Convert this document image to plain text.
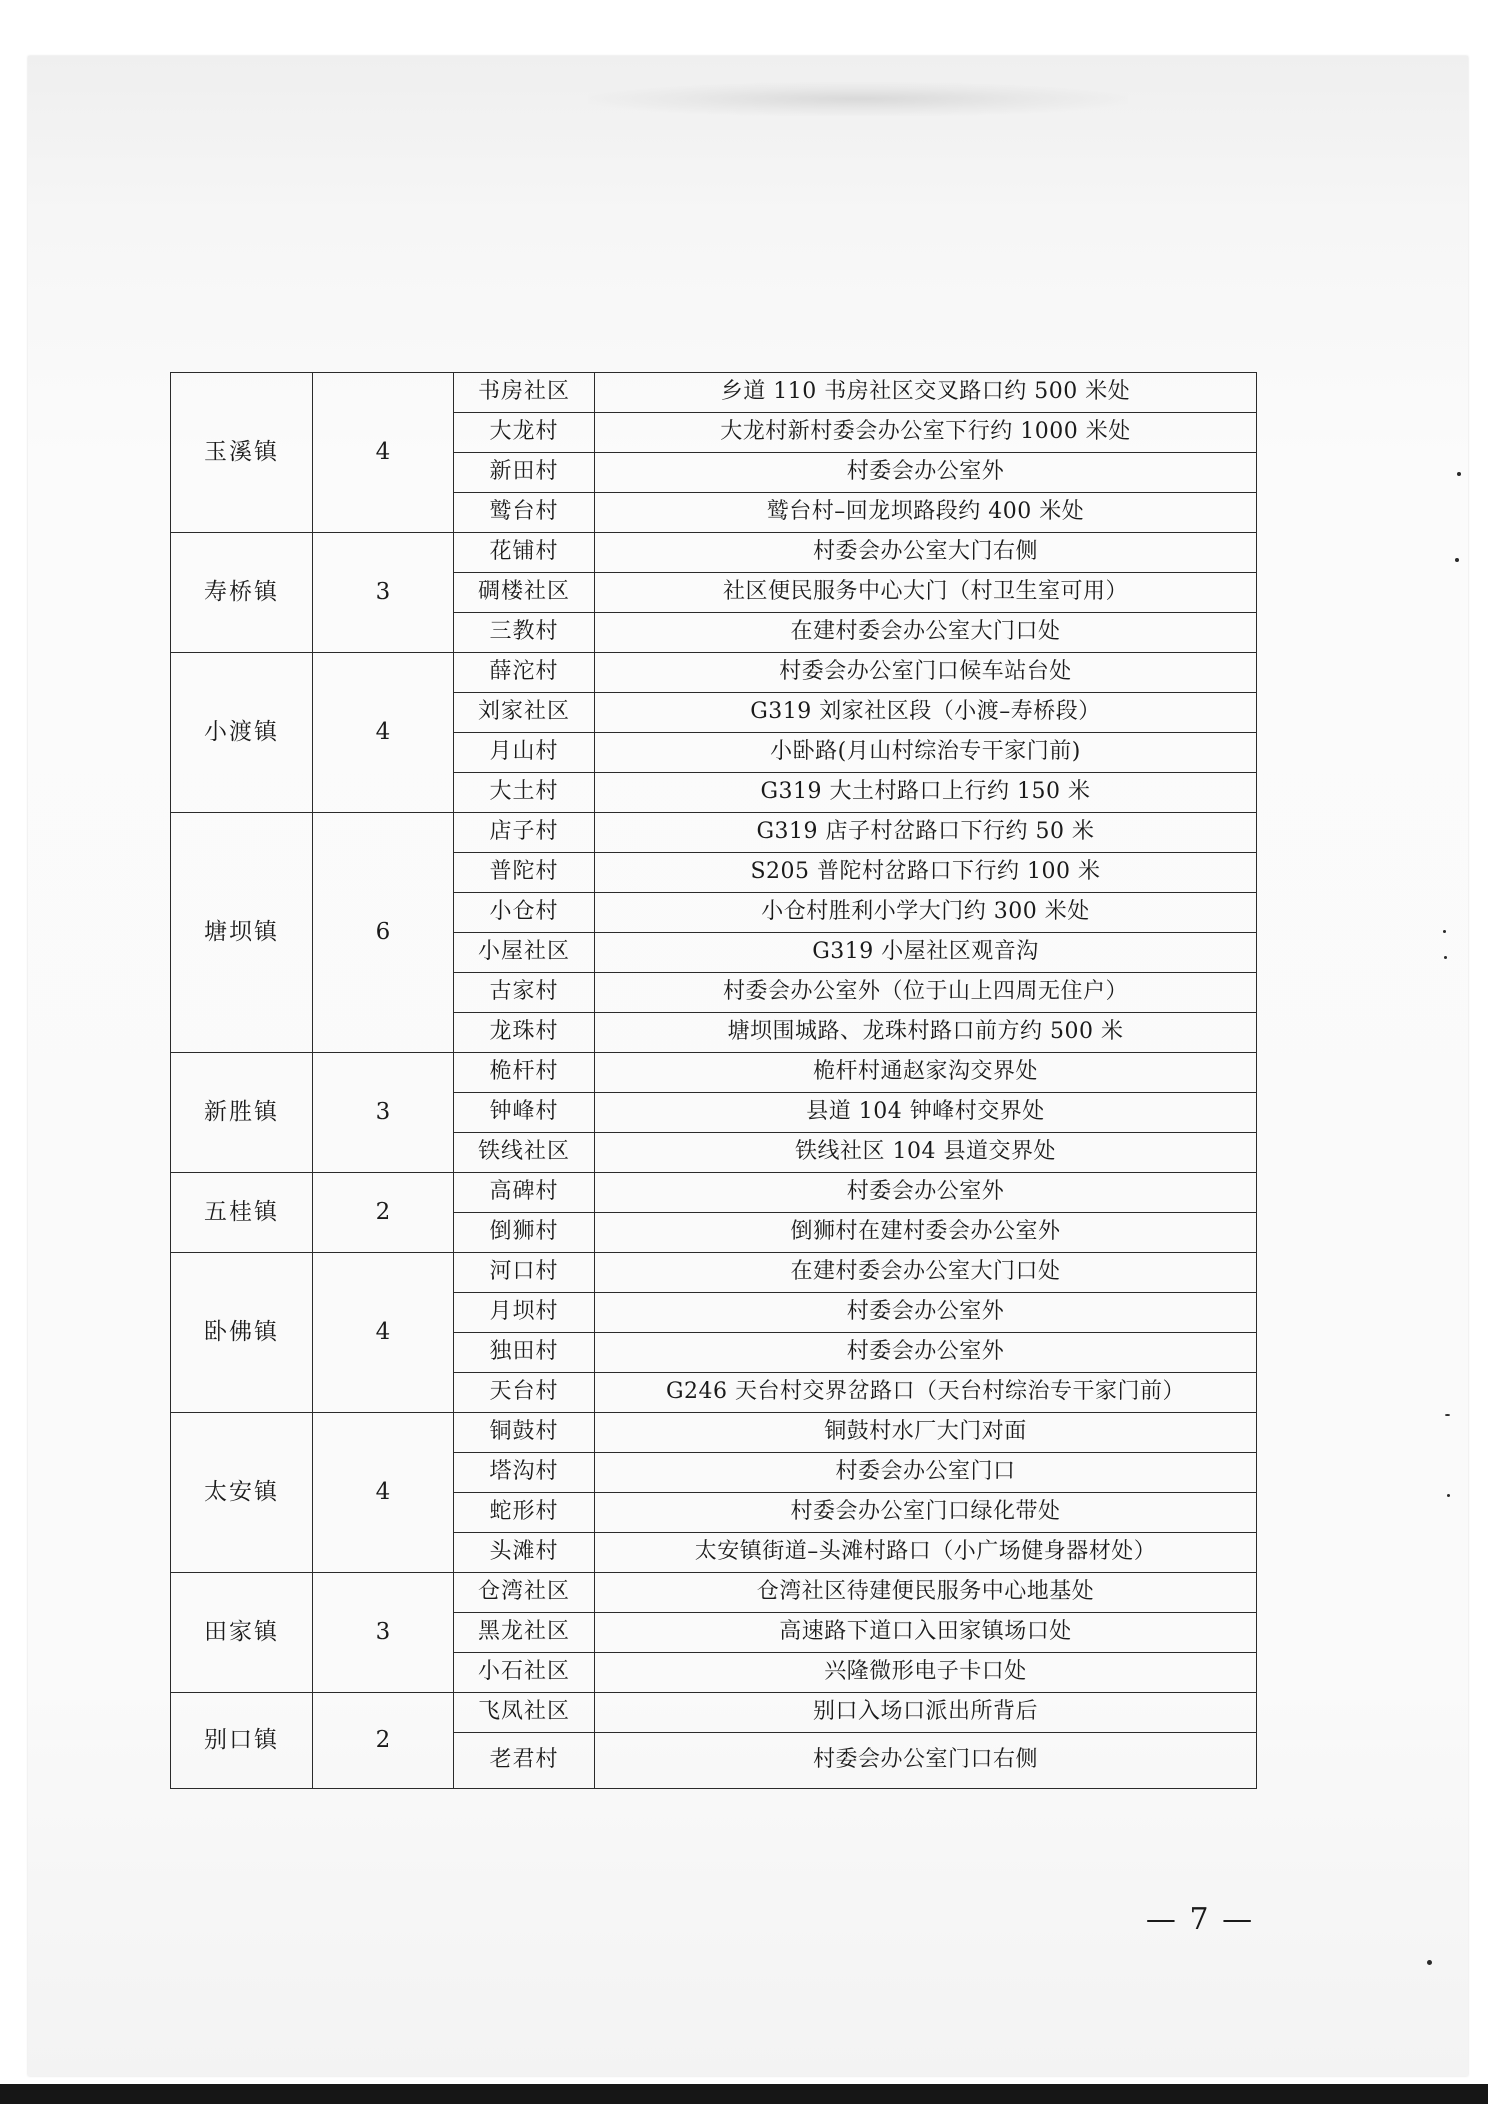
玉溪镇	4	书房社区	乡道 110 书房社区交叉路口约 500 米处
		大龙村	大龙村新村委会办公室下行约 1000 米处
		新田村	村委会办公室外
		鹫台村	鹫台村–回龙坝路段约 400 米处
寿桥镇	3	花铺村	村委会办公室大门右侧
		碉楼社区	社区便民服务中心大门（村卫生室可用）
		三教村	在建村委会办公室大门口处
小渡镇	4	薛沱村	村委会办公室门口候车站台处
		刘家社区	G319 刘家社区段（小渡–寿桥段）
		月山村	小卧路(月山村综治专干家门前)
		大土村	G319 大土村路口上行约 150 米
塘坝镇	6	店子村	G319 店子村岔路口下行约 50 米
		普陀村	S205 普陀村岔路口下行约 100 米
		小仓村	小仓村胜利小学大门约 300 米处
		小屋社区	G319 小屋社区观音沟
		古家村	村委会办公室外（位于山上四周无住户）
		龙珠村	塘坝围城路、龙珠村路口前方约 500 米
新胜镇	3	桅杆村	桅杆村通赵家沟交界处
		钟峰村	县道 104 钟峰村交界处
		铁线社区	铁线社区 104 县道交界处
五桂镇	2	高碑村	村委会办公室外
		倒狮村	倒狮村在建村委会办公室外
卧佛镇	4	河口村	在建村委会办公室大门口处
		月坝村	村委会办公室外
		独田村	村委会办公室外
		天台村	G246 天台村交界岔路口（天台村综治专干家门前）
太安镇	4	铜鼓村	铜鼓村水厂大门对面
		塔沟村	村委会办公室门口
		蛇形村	村委会办公室门口绿化带处
		头滩村	太安镇街道–头滩村路口（小广场健身器材处）
田家镇	3	仓湾社区	仓湾社区待建便民服务中心地基处
		黑龙社区	高速路下道口入田家镇场口处
		小石社区	兴隆微形电子卡口处
别口镇	2	飞凤社区	别口入场口派出所背后
		老君村	村委会办公室门口右侧
— 7 —
